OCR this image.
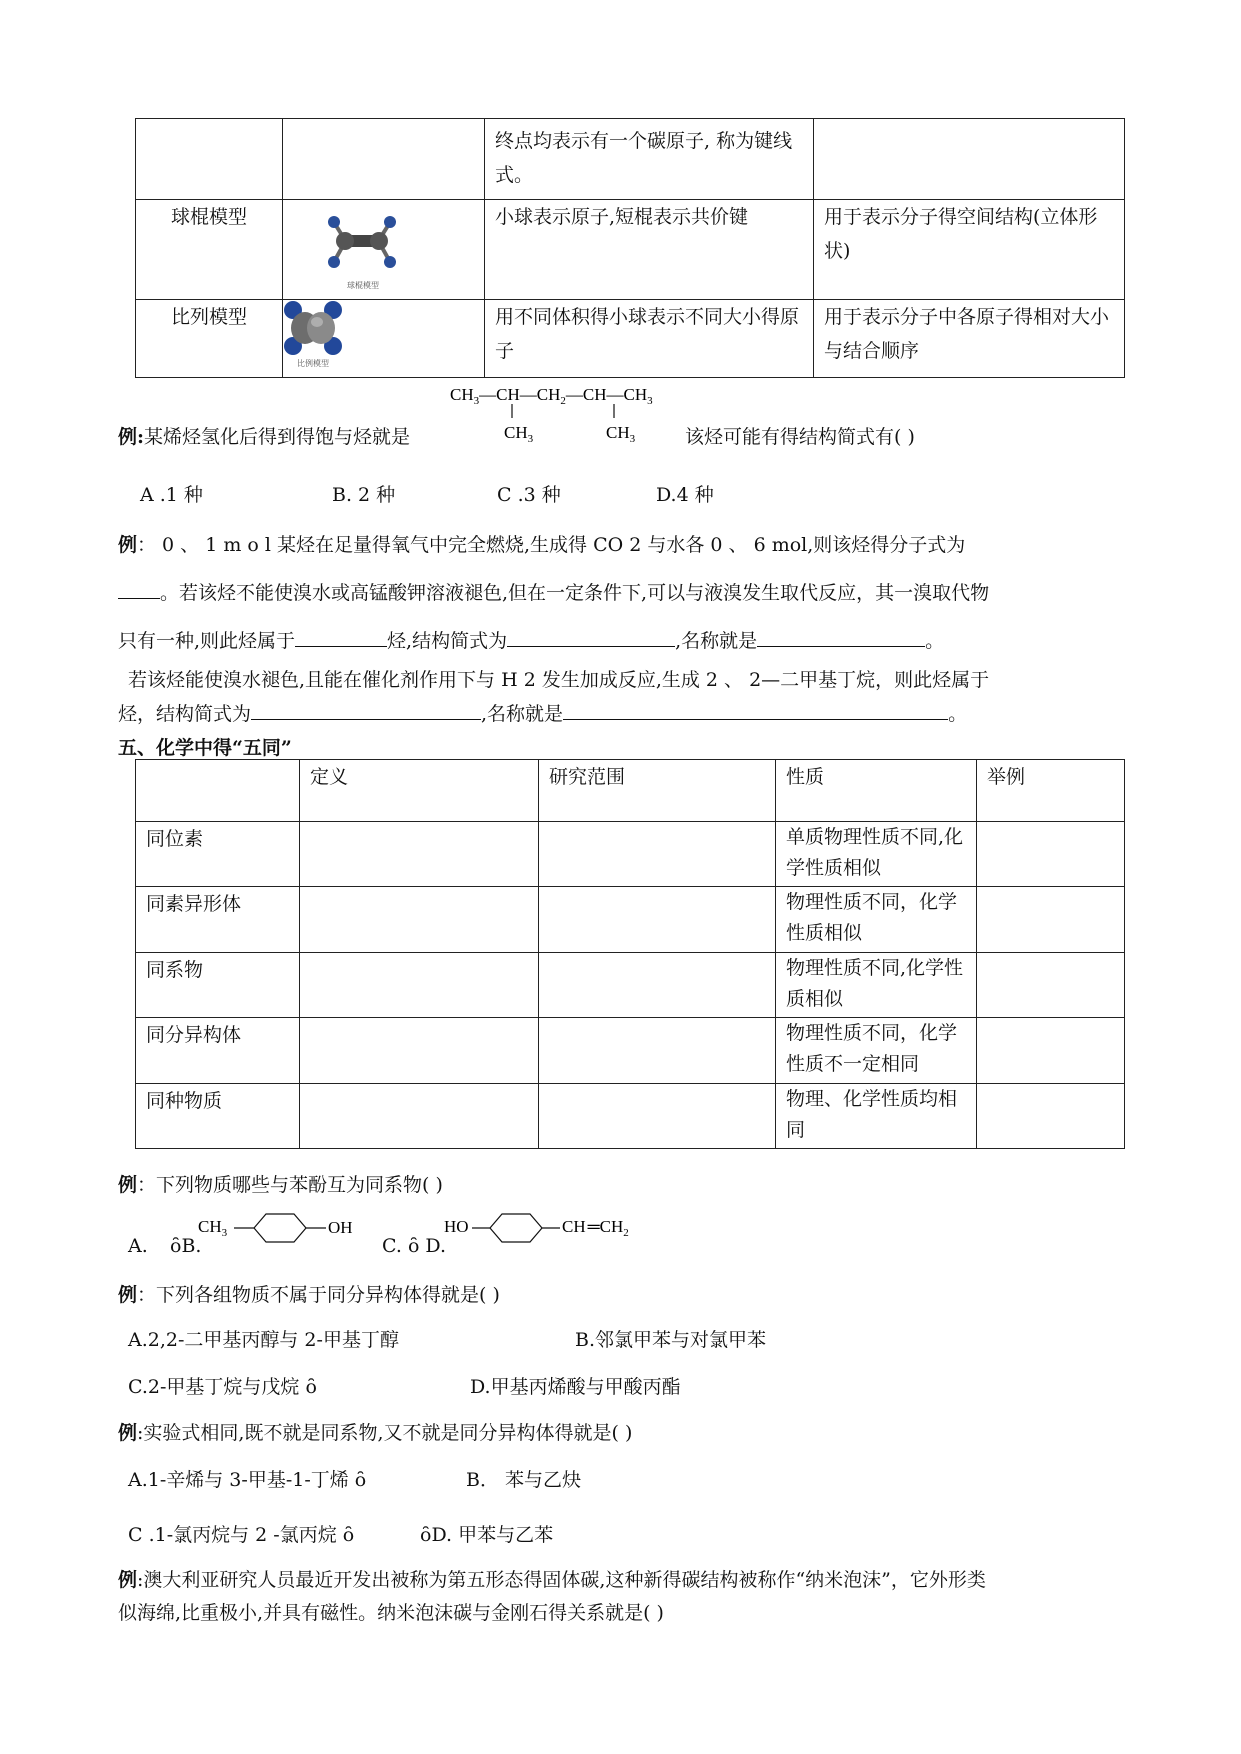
		终点均表示有一个碳原子, 称为键线式。	

球棍模型	球棍模型	小球表示原子,短棍表示共价键	用于表示分子得空间结构(立体形状)

比列模型	比例模型	用不同体积得小球表示不同大小得原子	用于表示分子中各原子得相对大小与结合顺序
$CH_3—CH—CH_2—CH—CH_3$
$CH_3$	$CH_3$
例:某烯烃氢化后得到得饱与烃就是	该烃可能有得结构简式有( )
A .1 种	B. 2 种	C .3 种	D.4 种
例： 0 、 1 m o l 某烃在足量得氧气中完全燃烧,生成得 CO 2 与水各 0 、 6 mol,则该烃得分子式为
。若该烃不能使溴水或高锰酸钾溶液褪色,但在一定条件下,可以与液溴发生取代反应，其一溴取代物
只有一种,则此烃属于	烃,结构简式为	,名称就是	。
若该烃能使溴水褪色,且能在催化剂作用下与 H 2 发生加成反应,生成 2 、 2—二甲基丁烷，则此烃属于
烃，结构简式为	,名称就是	。
五、化学中得“五同”

	定义	研究范围	性质	举例

同位素			单质物理性质不同,化学性质相似	

同素异形体			物理性质不同，化学性质相似	

同系物			物理性质不同,化学性质相似	

同分异构体			物理性质不同，化学性质不一定相同	

同种物质			物理、化学性质均相同	

例：下列物质哪些与苯酚互为同系物( )
A. ȏB.
$CH_3$	OH
C. ȏ D.
HO	CH $═CH_2$
例：下列各组物质不属于同分异构体得就是( )
A.2,2-二甲基丙醇与 2-甲基丁醇	B.邻氯甲苯与对氯甲苯
C.2-甲基丁烷与戊烷 ȏ	D.甲基丙烯酸与甲酸丙酯
例:实验式相同,既不就是同系物,又不就是同分异构体得就是( )
A.1-辛烯与 3-甲基-1-丁烯 ȏ	B． 苯与乙炔
C .1-氯丙烷与 2 -氯丙烷 ȏ	ȏD. 甲苯与乙苯
例:澳大利亚研究人员最近开发出被称为第五形态得固体碳,这种新得碳结构被称作“纳米泡沫”，它外形类
似海绵,比重极小,并具有磁性。纳米泡沫碳与金刚石得关系就是( )
